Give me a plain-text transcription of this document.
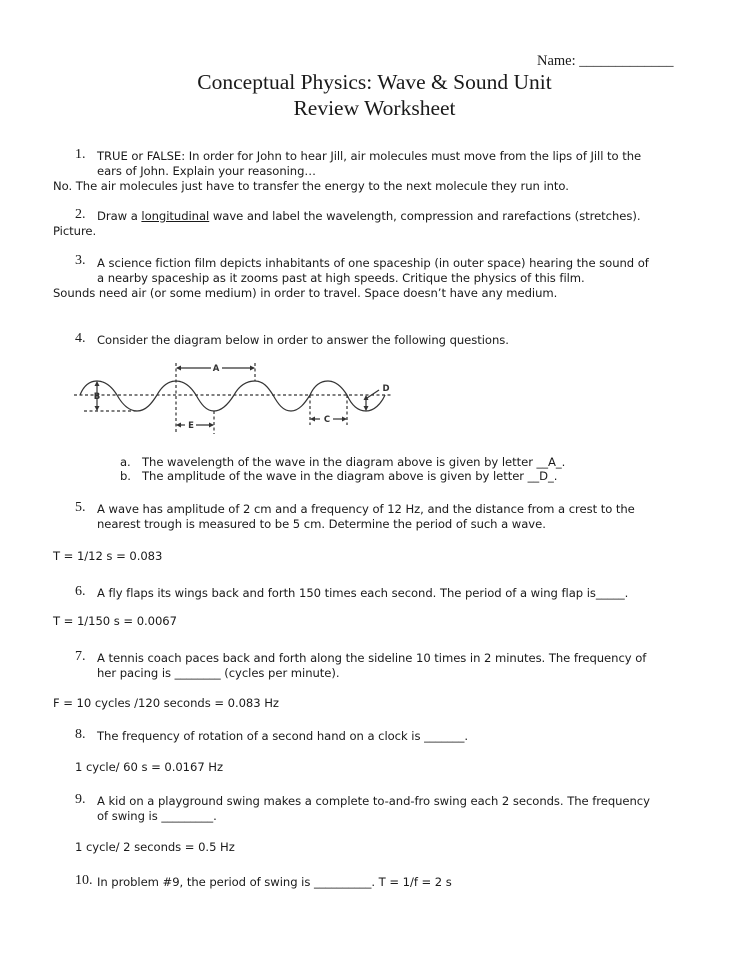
Name: _____________
Conceptual Physics: Wave & Sound Unit
Review Worksheet
1. TRUE or FALSE: In order for John to hear Jill, air molecules must move from the lips of Jill to the
ears of John. Explain your reasoning…
No. The air molecules just have to transfer the energy to the next molecule they run into.
2. Draw a longitudinal wave and label the wavelength, compression and rarefactions (stretches).
Picture.
3. A science fiction film depicts inhabitants of one spaceship (in outer space) hearing the sound of
a nearby spaceship as it zooms past at high speeds. Critique the physics of this film.
Sounds need air (or some medium) in order to travel. Space doesn’t have any medium.
4. Consider the diagram below in order to answer the following questions.
A
B
C
D
E
a. The wavelength of the wave in the diagram above is given by letter __A_.
b. The amplitude of the wave in the diagram above is given by letter __D_.
5. A wave has amplitude of 2 cm and a frequency of 12 Hz, and the distance from a crest to the
nearest trough is measured to be 5 cm. Determine the period of such a wave.
T = 1/12 s = 0.083
6. A fly flaps its wings back and forth 150 times each second. The period of a wing flap is_____.
T = 1/150 s = 0.0067
7. A tennis coach paces back and forth along the sideline 10 times in 2 minutes. The frequency of
her pacing is ________ (cycles per minute).
F = 10 cycles /120 seconds = 0.083 Hz
8. The frequency of rotation of a second hand on a clock is _______.
1 cycle/ 60 s = 0.0167 Hz
9. A kid on a playground swing makes a complete to-and-fro swing each 2 seconds. The frequency
of swing is _________.
1 cycle/ 2 seconds = 0.5 Hz
10. In problem #9, the period of swing is __________. T = 1/f = 2 s
